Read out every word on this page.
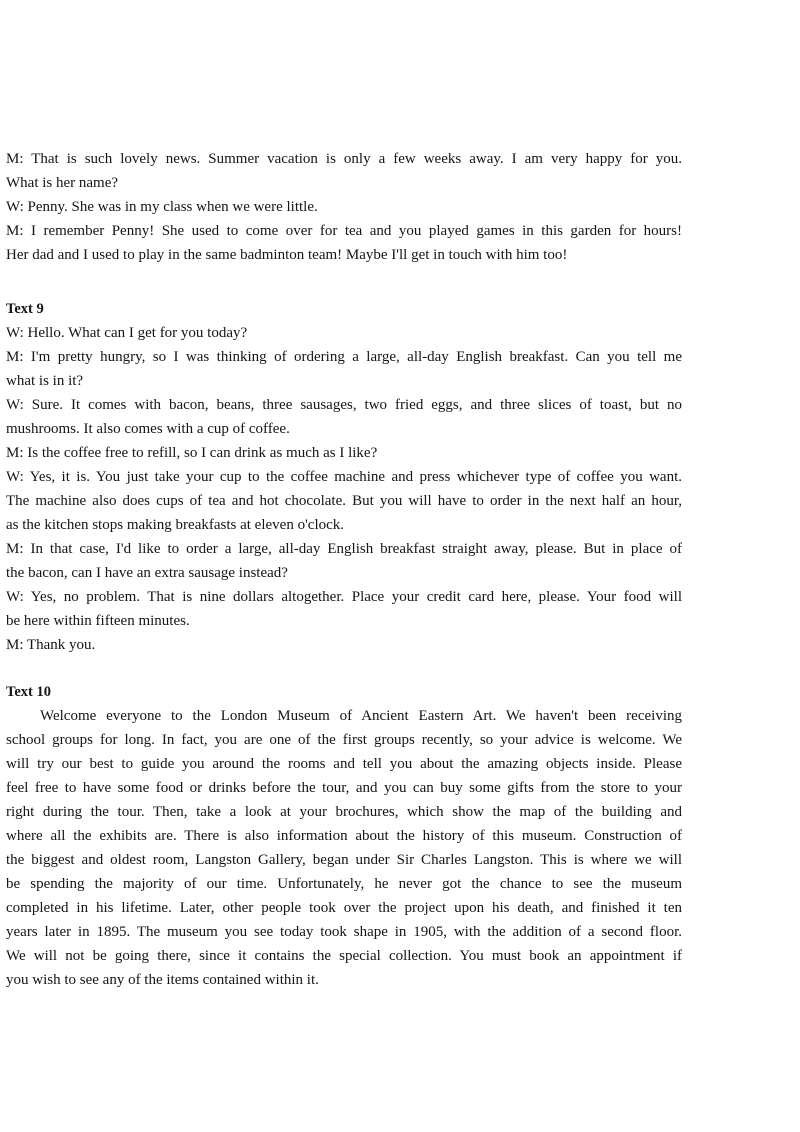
M: That is such lovely news. Summer vacation is only a few weeks away. I am very happy for you.
What is her name?
W: Penny. She was in my class when we were little.
M: I remember Penny! She used to come over for tea and you played games in this garden for hours!
Her dad and I used to play in the same badminton team! Maybe I'll get in touch with him too!
Text 9
W: Hello. What can I get for you today?
M: I'm pretty hungry, so I was thinking of ordering a large, all-day English breakfast. Can you tell me
what is in it?
W: Sure. It comes with bacon, beans, three sausages, two fried eggs, and three slices of toast, but no
mushrooms. It also comes with a cup of coffee.
M: Is the coffee free to refill, so I can drink as much as I like?
W: Yes, it is. You just take your cup to the coffee machine and press whichever type of coffee you want.
The machine also does cups of tea and hot chocolate. But you will have to order in the next half an hour,
as the kitchen stops making breakfasts at eleven o'clock.
M: In that case, I'd like to order a large, all-day English breakfast straight away, please. But in place of
the bacon, can I have an extra sausage instead?
W: Yes, no problem. That is nine dollars altogether. Place your credit card here, please. Your food will
be here within fifteen minutes.
M: Thank you.
Text 10
Welcome everyone to the London Museum of Ancient Eastern Art. We haven't been receiving
school groups for long. In fact, you are one of the first groups recently, so your advice is welcome. We
will try our best to guide you around the rooms and tell you about the amazing objects inside. Please
feel free to have some food or drinks before the tour, and you can buy some gifts from the store to your
right during the tour. Then, take a look at your brochures, which show the map of the building and
where all the exhibits are. There is also information about the history of this museum. Construction of
the biggest and oldest room, Langston Gallery, began under Sir Charles Langston. This is where we will
be spending the majority of our time. Unfortunately, he never got the chance to see the museum
completed in his lifetime. Later, other people took over the project upon his death, and finished it ten
years later in 1895. The museum you see today took shape in 1905, with the addition of a second floor.
We will not be going there, since it contains the special collection. You must book an appointment if
you wish to see any of the items contained within it.
